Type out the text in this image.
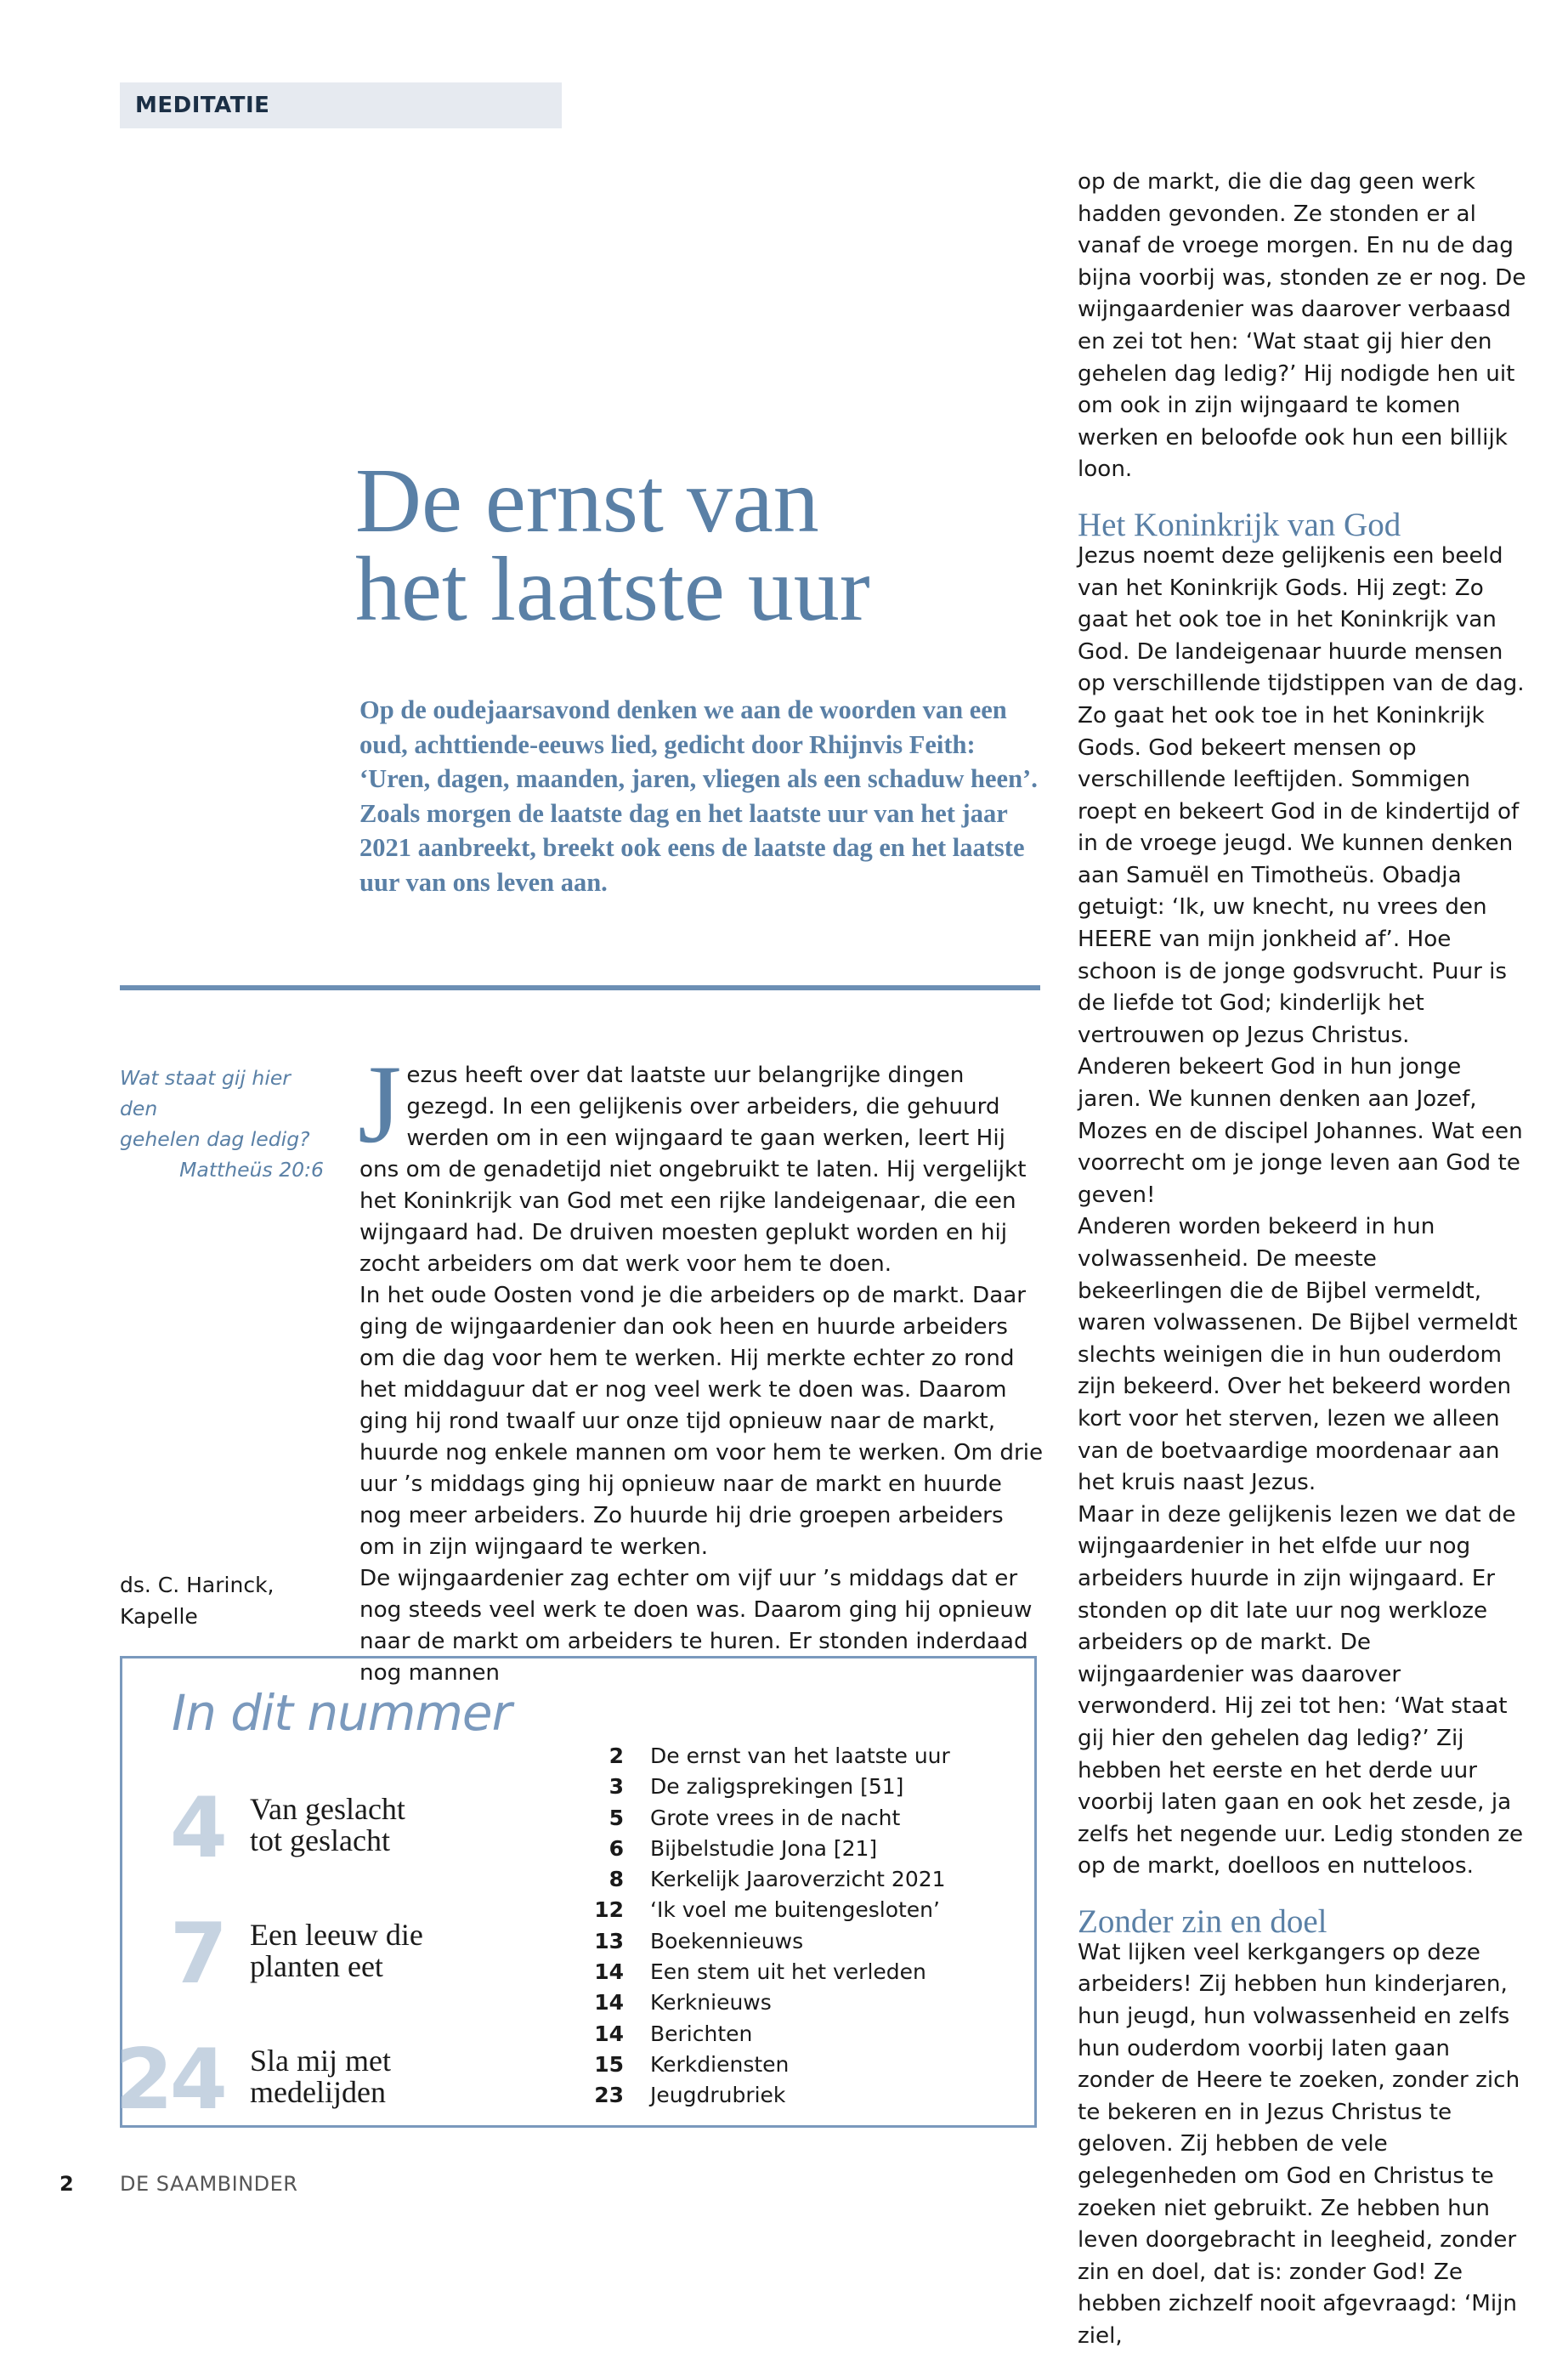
MEDITATIE
De ernst van
het laatste uur
Op de oudejaarsavond denken we aan de woorden van een oud, achttiende-eeuws lied, gedicht door Rhijnvis Feith: ‘Uren, dagen, maanden, jaren, vliegen als een schaduw heen’. Zoals morgen de laatste dag en het laatste uur van het jaar 2021 aanbreekt, breekt ook eens de laatste dag en het laatste uur van ons leven aan.
Wat staat gij hier den
gehelen dag ledig?
Mattheüs 20:6
ds. C. Harinck,
Kapelle
J ezus heeft over dat laatste uur belangrijke dingen gezegd. In een gelijkenis over arbeiders, die gehuurd werden om in een wijngaard te gaan werken, leert Hij ons om de genadetijd niet ongebruikt te laten. Hij vergelijkt het Koninkrijk van God met een rijke landeigenaar, die een wijngaard had. De druiven moesten geplukt worden en hij zocht arbeiders om dat werk voor hem te doen.

In het oude Oosten vond je die arbeiders op de markt. Daar ging de wijngaardenier dan ook heen en huurde arbeiders om die dag voor hem te werken. Hij merkte echter zo rond het middaguur dat er nog veel werk te doen was. Daarom ging hij rond twaalf uur onze tijd opnieuw naar de markt, huurde nog enkele mannen om voor hem te werken. Om drie uur ’s middags ging hij opnieuw naar de markt en huurde nog meer arbeiders. Zo huurde hij drie groepen arbeiders om in zijn wijngaard te werken.

De wijngaardenier zag echter om vijf uur ’s middags dat er nog steeds veel werk te doen was. Daarom ging hij opnieuw naar de markt om arbeiders te huren. Er stonden inderdaad nog mannen

op de markt, die die dag geen werk hadden gevonden. Ze stonden er al vanaf de vroege morgen. En nu de dag bijna voorbij was, stonden ze er nog. De wijngaardenier was daarover verbaasd en zei tot hen: ‘Wat staat gij hier den gehelen dag ledig?’ Hij nodigde hen uit om ook in zijn wijngaard te komen werken en beloofde ook hun een billijk loon.

Het Koninkrijk van God

Jezus noemt deze gelijkenis een beeld van het Koninkrijk Gods. Hij zegt: Zo gaat het ook toe in het Koninkrijk van God. De landeigenaar huurde mensen op verschillende tijdstippen van de dag. Zo gaat het ook toe in het Koninkrijk Gods. God bekeert mensen op verschillende leeftijden. Sommigen roept en bekeert God in de kindertijd of in de vroege jeugd. We kunnen denken aan Samuël en Timotheüs. Obadja getuigt: ‘Ik, uw knecht, nu vrees den HEERE van mijn jonkheid af’. Hoe schoon is de jonge godsvrucht. Puur is de liefde tot God; kinderlijk het vertrouwen op Jezus Christus.

Anderen bekeert God in hun jonge jaren. We kunnen denken aan Jozef, Mozes en de discipel Johannes. Wat een voorrecht om je jonge leven aan God te geven!

Anderen worden bekeerd in hun volwassenheid. De meeste bekeerlingen die de Bijbel vermeldt, waren volwassenen. De Bijbel vermeldt slechts weinigen die in hun ouderdom zijn bekeerd. Over het bekeerd worden kort voor het sterven, lezen we alleen van de boetvaardige moordenaar aan het kruis naast Jezus.

Maar in deze gelijkenis lezen we dat de wijngaardenier in het elfde uur nog arbeiders huurde in zijn wijngaard. Er stonden op dit late uur nog werkloze arbeiders op de markt. De wijngaardenier was daarover verwonderd. Hij zei tot hen: ‘Wat staat gij hier den gehelen dag ledig?’ Zij hebben het eerste en het derde uur voorbij laten gaan en ook het zesde, ja zelfs het negende uur. Ledig stonden ze op de markt, doelloos en nutteloos.

Zonder zin en doel

Wat lijken veel kerkgangers op deze arbeiders! Zij hebben hun kinderjaren, hun jeugd, hun volwassenheid en zelfs hun ouderdom voorbij laten gaan zonder de Heere te zoeken, zonder zich te bekeren en in Jezus Christus te geloven. Zij hebben de vele gelegenheden om God en Christus te zoeken niet gebruikt. Ze hebben hun leven doorgebracht in leegheid, zonder zin en doel, dat is: zonder God! Ze hebben zichzelf nooit afgevraagd: ‘Mijn ziel,

In dit nummer
4 Van geslacht
tot geslacht
7 Een leeuw die
planten eet
24 Sla mij met
medelijden
2 De ernst van het laatste uur
3 De zaligsprekingen [51]
5 Grote vrees in de nacht
6 Bijbelstudie Jona [21]
8 Kerkelijk Jaaroverzicht 2021
12 ‘Ik voel me buitengesloten’
13 Boekennieuws
14 Een stem uit het verleden
14 Kerknieuws
14 Berichten
15 Kerkdiensten
23 Jeugdrubriek
2 DE SAAMBINDER
